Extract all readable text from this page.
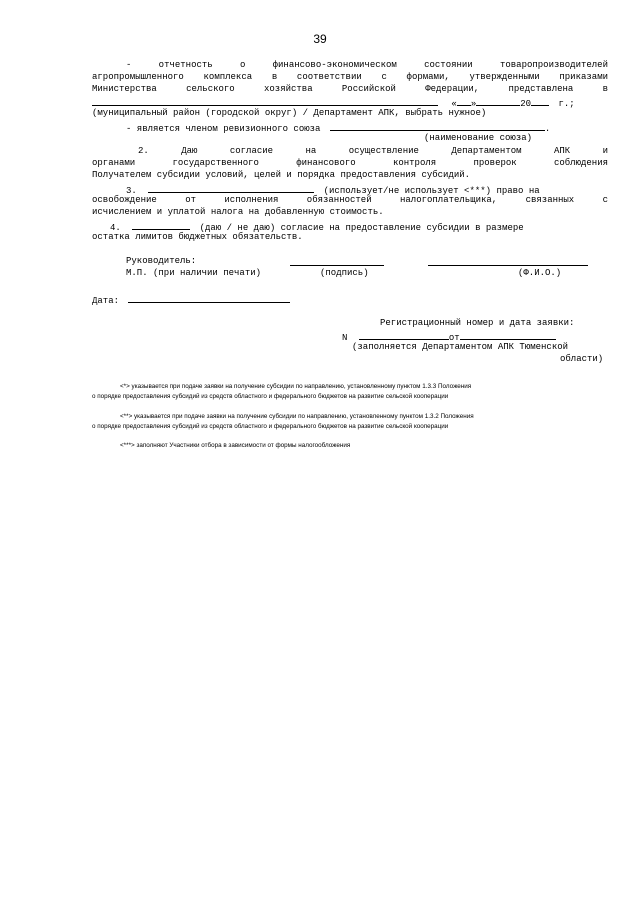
39
- отчетность о финансово-экономическом состоянии товаропроизводителей
агропромышленного комплекса в соответствии с формами, утвержденными приказами
Министерства сельского хозяйства Российской Федерации, представлена в
« »	20	г.;
(муниципальный район (городской округ) / Департамент АПК, выбрать нужное)
- является членом ревизионного союза	.
(наименование союза)
2. Даю согласие на осуществление Департаментом АПК и
органами государственного финансового контроля проверок соблюдения
Получателем субсидии условий, целей и порядка предоставления субсидий.
3.	(использует/не использует <***) право на
освобождение от исполнения обязанностей налогоплательщика, связанных с
исчислением и уплатой налога на добавленную стоимость.
4.	(даю / не даю) согласие на предоставление субсидии в размере
остатка лимитов бюджетных обязательств.
Руководитель:
М.П. (при наличии печати)	(подпись)	(Ф.И.О.)
Дата:
Регистрационный номер и дата заявки:
N	от
(заполняется Департаментом АПК Тюменской
области)
<*> указывается при подаче заявки на получение субсидии по направлению, установленному пунктом 1.3.3 Положения
о порядке предоставления субсидий из средств областного и федерального бюджетов на развитие сельской кооперации
<**> указывается при подаче заявки на получение субсидии по направлению, установленному пунктом 1.3.2 Положения
о порядке предоставления субсидий из средств областного и федерального бюджетов на развитие сельской кооперации
<***> заполняют Участники отбора в зависимости от формы налогообложения
